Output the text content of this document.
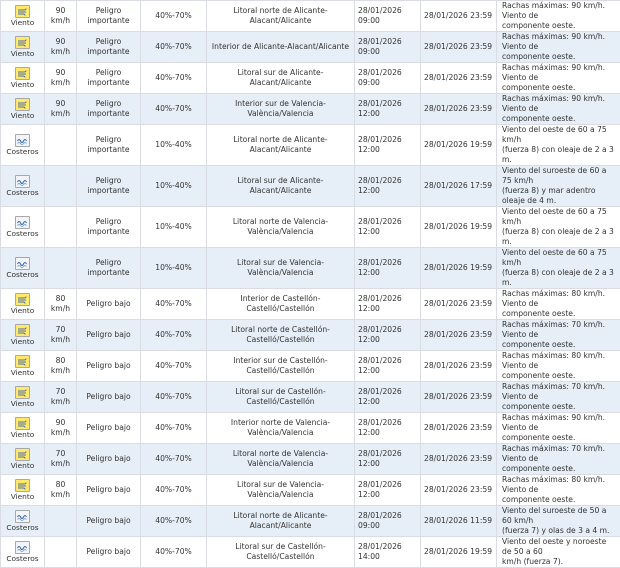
Viento	90
km/h	Peligro
importante	40%-70%	Litoral norte de Alicante-Alacant/Alicante	28/01/2026
09:00	28/01/2026 23:59	Rachas máximas: 90 km/h. Viento de
componente oeste.

Viento	90
km/h	Peligro
importante	40%-70%	Interior de Alicante-Alacant/Alicante	28/01/2026
09:00	28/01/2026 23:59	Rachas máximas: 90 km/h. Viento de
componente oeste.

Viento	90
km/h	Peligro
importante	40%-70%	Litoral sur de Alicante-Alacant/Alicante	28/01/2026
09:00	28/01/2026 23:59	Rachas máximas: 90 km/h. Viento de
componente oeste.

Viento	90
km/h	Peligro
importante	40%-70%	Interior sur de Valencia-València/Valencia	28/01/2026
12:00	28/01/2026 23:59	Rachas máximas: 90 km/h. Viento de
componente oeste.

Costeros		Peligro
importante	10%-40%	Litoral norte de Alicante-Alacant/Alicante	28/01/2026
12:00	28/01/2026 19:59	Viento del oeste de 60 a 75 km/h
(fuerza 8) con oleaje de 2 a 3 m.

Costeros		Peligro
importante	10%-40%	Litoral sur de Alicante-Alacant/Alicante	28/01/2026
12:00	28/01/2026 17:59	Viento del suroeste de 60 a 75 km/h
(fuerza 8) y mar adentro oleaje de 4 m.

Costeros		Peligro
importante	10%-40%	Litoral norte de Valencia-València/Valencia	28/01/2026
12:00	28/01/2026 19:59	Viento del oeste de 60 a 75 km/h
(fuerza 8) con oleaje de 2 a 3 m.

Costeros		Peligro
importante	10%-40%	Litoral sur de Valencia-València/Valencia	28/01/2026
12:00	28/01/2026 19:59	Viento del oeste de 60 a 75 km/h
(fuerza 8) con oleaje de 2 a 3 m.

Viento	80
km/h	Peligro bajo	40%-70%	Interior de Castellón-
Castelló/Castellón	28/01/2026
12:00	28/01/2026 23:59	Rachas máximas: 80 km/h. Viento de
componente oeste.

Viento	70
km/h	Peligro bajo	40%-70%	Litoral norte de Castellón-
Castelló/Castellón	28/01/2026
12:00	28/01/2026 23:59	Rachas máximas: 70 km/h. Viento de
componente oeste.

Viento	80
km/h	Peligro bajo	40%-70%	Interior sur de Castellón-
Castelló/Castellón	28/01/2026
12:00	28/01/2026 23:59	Rachas máximas: 80 km/h. Viento de
componente oeste.

Viento	70
km/h	Peligro bajo	40%-70%	Litoral sur de Castellón-Castelló/Castellón	28/01/2026
12:00	28/01/2026 23:59	Rachas máximas: 70 km/h. Viento de
componente oeste.

Viento	90
km/h	Peligro bajo	40%-70%	Interior norte de Valencia-
València/Valencia	28/01/2026
12:00	28/01/2026 23:59	Rachas máximas: 90 km/h. Viento de
componente oeste.

Viento	70
km/h	Peligro bajo	40%-70%	Litoral norte de Valencia-València/Valencia	28/01/2026
12:00	28/01/2026 23:59	Rachas máximas: 70 km/h. Viento de
componente oeste.

Viento	80
km/h	Peligro bajo	40%-70%	Litoral sur de Valencia-València/Valencia	28/01/2026
12:00	28/01/2026 23:59	Rachas máximas: 80 km/h. Viento de
componente oeste.

Costeros		Peligro bajo	40%-70%	Litoral norte de Alicante-Alacant/Alicante	28/01/2026
09:00	28/01/2026 11:59	Viento del suroeste de 50 a 60 km/h
(fuerza 7) y olas de 3 a 4 m.

Costeros		Peligro bajo	40%-70%	Litoral sur de Castellón-Castelló/Castellón	28/01/2026
14:00	28/01/2026 19:59	Viento del oeste y noroeste de 50 a 60
km/h (fuerza 7).
